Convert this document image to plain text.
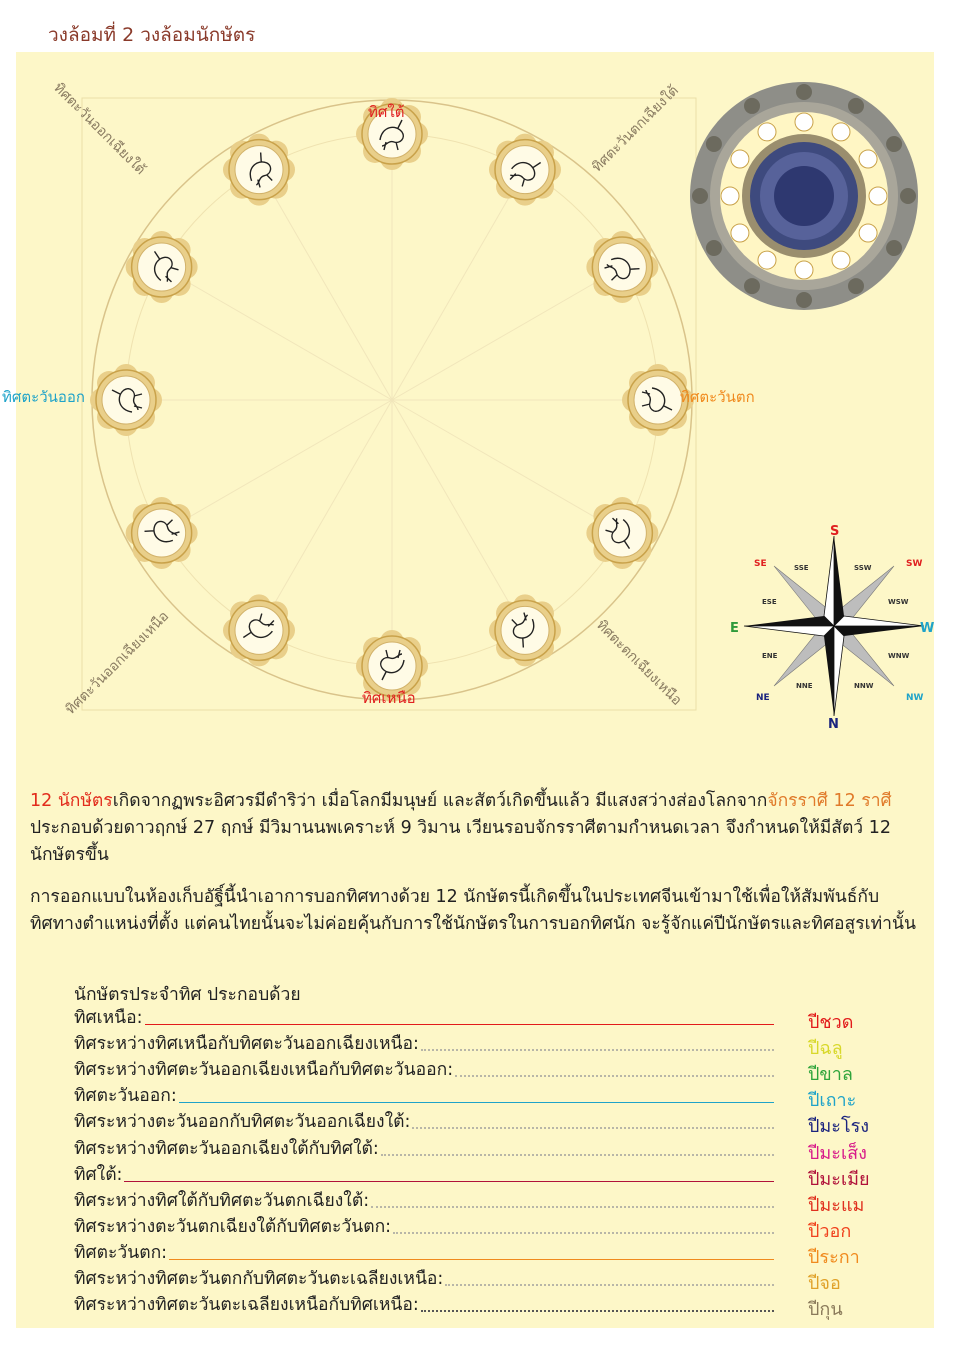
วงล้อมที่ 2 วงล้อมนักษัตร
ทิศใต้
ทิศเหนือ
ทิศตะวันออก	ทิศตะวันตก
ทิศตะวันออกเฉียงใต้	ทิศตะวันตกเฉียงใต้
ทิศตะวันออกเฉียงเหนือ	ทิศตะตกเฉียงเหนือ
S
N
E	W
SE	SW
NE	NW
SSE	SSW
ESE	WSW
ENE	WNW
NNE	NNW
12 นักษัตรเกิดจากฏพระอิศวรมีดำริว่า เมื่อโลกมีมนุษย์ และสัตว์เกิดขึ้นแล้ว มีแสงสว่างส่องโลกจากจักรราศี 12 ราศี ประกอบด้วยดาวฤกษ์ 27 ฤกษ์ มีวิมานนพเคราะห์ 9 วิมาน เวียนรอบจักรราศีตามกำหนดเวลา จึงกำหนดให้มีสัตว์ 12 นักษัตรขึ้น
การออกแบบในห้องเก็บอัฐิ์นี้นำเอาการบอกทิศทางด้วย 12 นักษัตรนี้เกิดขึ้นในประเทศจีนเข้ามาใช้เพื่อให้สัมพันธ์กับทิศทางตำแหน่งที่ตั้ง แต่คนไทยนั้นจะไม่ค่อยคุ้นกับการใช้นักษัตรในการบอกทิศนัก จะรู้จักแค่ปีนักษัตรและทิศอสูรเท่านั้น
นักษัตรประจำทิศ ประกอบด้วย
ทิศเหนือ:	ปีชวด
ทิศระหว่างทิศเหนือกับทิศตะวันออกเฉียงเหนือ:	ปีฉลู
ทิศระหว่างทิศตะวันออกเฉียงเหนือกับทิศตะวันออก:	ปีขาล
ทิศตะวันออก:	ปีเถาะ
ทิศระหว่างตะวันออกกับทิศตะวันออกเฉียงใต้:	ปีมะโรง
ทิศระหว่างทิศตะวันออกเฉียงใต้กับทิศใต้:	ปีมะเส็ง
ทิศใต้:	ปีมะเมีย
ทิศระหว่างทิศใต้กับทิศตะวันตกเฉียงใต้:	ปีมะแม
ทิศระหว่างตะวันตกเฉียงใต้กับทิศตะวันตก:	ปีวอก
ทิศตะวันตก:	ปีระกา
ทิศระหว่างทิศตะวันตกกับทิศตะวันตะเฉลียงเหนือ:	ปีจอ
ทิศระหว่างทิศตะวันตะเฉลียงเหนือกับทิศเหนือ:	ปีกุน
